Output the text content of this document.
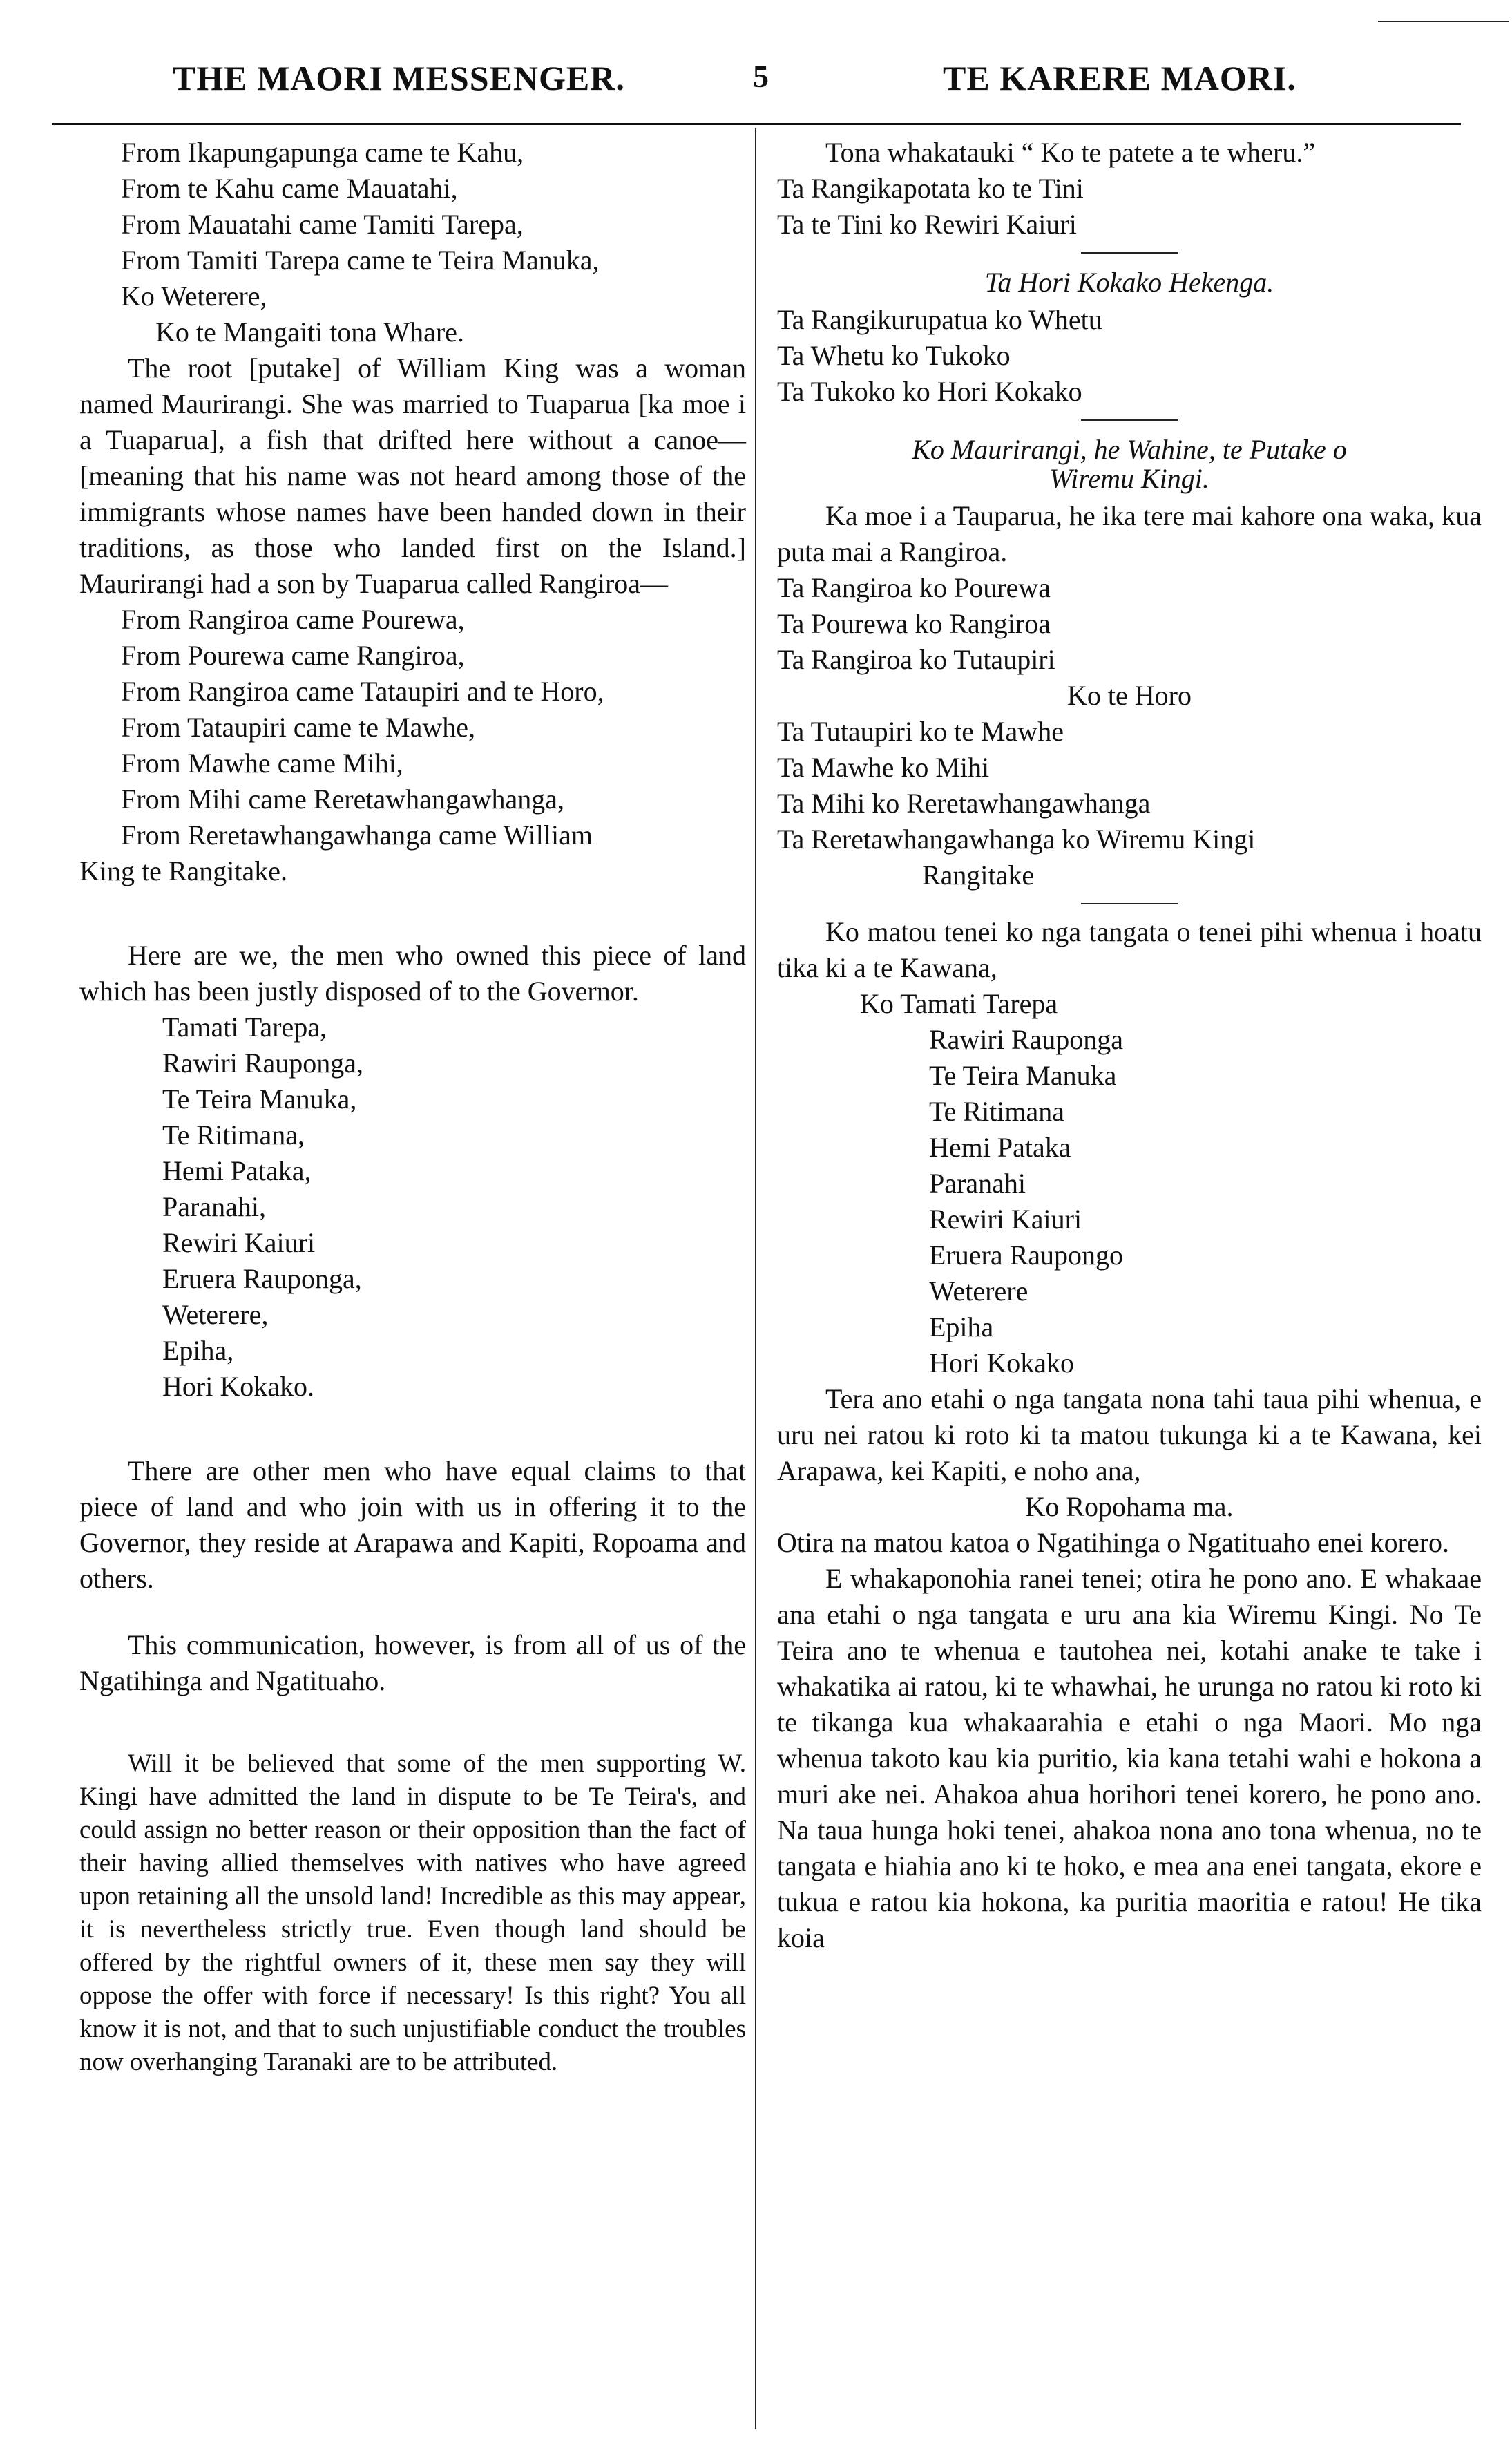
THE MAORI MESSENGER.	5	TE KARERE MAORI.
From Ikapungapunga came te Kahu,
From te Kahu came Mauatahi,
From Mauatahi came Tamiti Tarepa,
From Tamiti Tarepa came te Teira Manuka,
Ko Weterere,
Ko te Mangaiti tona Whare.

The root [putake] of William King was a woman named Maurirangi. She was married to Tuaparua [ka moe i a Tuaparua], a fish that drifted here without a canoe—[meaning that his name was not heard among those of the immigrants whose names have been handed down in their traditions, as those who landed first on the Island.] Maurirangi had a son by Tuaparua called Rangiroa—

From Rangiroa came Pourewa,
From Pourewa came Rangiroa,
From Rangiroa came Tataupiri and te Horo,
From Tataupiri came te Mawhe,
From Mawhe came Mihi,
From Mihi came Reretawhangawhanga,
From Reretawhangawhanga came William
King te Rangitake.

Here are we, the men who owned this piece of land which has been justly disposed of to the Governor.

Tamati Tarepa,
Rawiri Rauponga,
Te Teira Manuka,
Te Ritimana,
Hemi Pataka,
Paranahi,
Rewiri Kaiuri
Eruera Rauponga,
Weterere,
Epiha,
Hori Kokako.

There are other men who have equal claims to that piece of land and who join with us in offering it to the Governor, they reside at Arapawa and Kapiti, Ropoama and others.

This communication, however, is from all of us of the Ngatihinga and Ngatituaho.

Will it be believed that some of the men supporting W. Kingi have admitted the land in dispute to be Te Teira's, and could assign no better reason or their opposition than the fact of their having allied themselves with natives who have agreed upon retaining all the unsold land! Incredible as this may appear, it is nevertheless strictly true. Even though land should be offered by the rightful owners of it, these men say they will oppose the offer with force if necessary! Is this right? You all know it is not, and that to such unjustifiable conduct the troubles now overhanging Taranaki are to be attributed.

Tona whakatauki “ Ko te patete a te wheru.”

Ta Rangikapotata ko te Tini
Ta te Tini ko Rewiri Kaiuri
Ta Hori Kokako Hekenga.
Ta Rangikurupatua ko Whetu
Ta Whetu ko Tukoko
Ta Tukoko ko Hori Kokako
Ko Maurirangi, he Wahine, te Putake o
Wiremu Kingi.

Ka moe i a Tauparua, he ika tere mai kahore ona waka, kua puta mai a Rangiroa.

Ta Rangiroa ko Pourewa
Ta Pourewa ko Rangiroa
Ta Rangiroa ko Tutaupiri
Ko te Horo
Ta Tutaupiri ko te Mawhe
Ta Mawhe ko Mihi
Ta Mihi ko Reretawhangawhanga
Ta Reretawhangawhanga ko Wiremu Kingi
Rangitake

Ko matou tenei ko nga tangata o tenei pihi whenua i hoatu tika ki a te Kawana,

Ko Tamati Tarepa
Rawiri Rauponga
Te Teira Manuka
Te Ritimana
Hemi Pataka
Paranahi
Rewiri Kaiuri
Eruera Raupongo
Weterere
Epiha
Hori Kokako

Tera ano etahi o nga tangata nona tahi taua pihi whenua, e uru nei ratou ki roto ki ta matou tukunga ki a te Kawana, kei Arapawa, kei Kapiti, e noho ana,

Ko Ropohama ma.

Otira na matou katoa o Ngatihinga o Ngatituaho enei korero.

E whakaponohia ranei tenei; otira he pono ano. E whakaae ana etahi o nga tangata e uru ana kia Wiremu Kingi. No Te Teira ano te whenua e tautohea nei, kotahi anake te take i whakatika ai ratou, ki te whawhai, he urunga no ratou ki roto ki te tikanga kua whakaarahia e etahi o nga Maori. Mo nga whenua takoto kau kia puritio, kia kana tetahi wahi e hokona a muri ake nei. Ahakoa ahua horihori tenei korero, he pono ano. Na taua hunga hoki tenei, ahakoa nona ano tona whenua, no te tangata e hiahia ano ki te hoko, e mea ana enei tangata, ekore e tukua e ratou kia hokona, ka puritia maoritia e ratou! He tika koia
